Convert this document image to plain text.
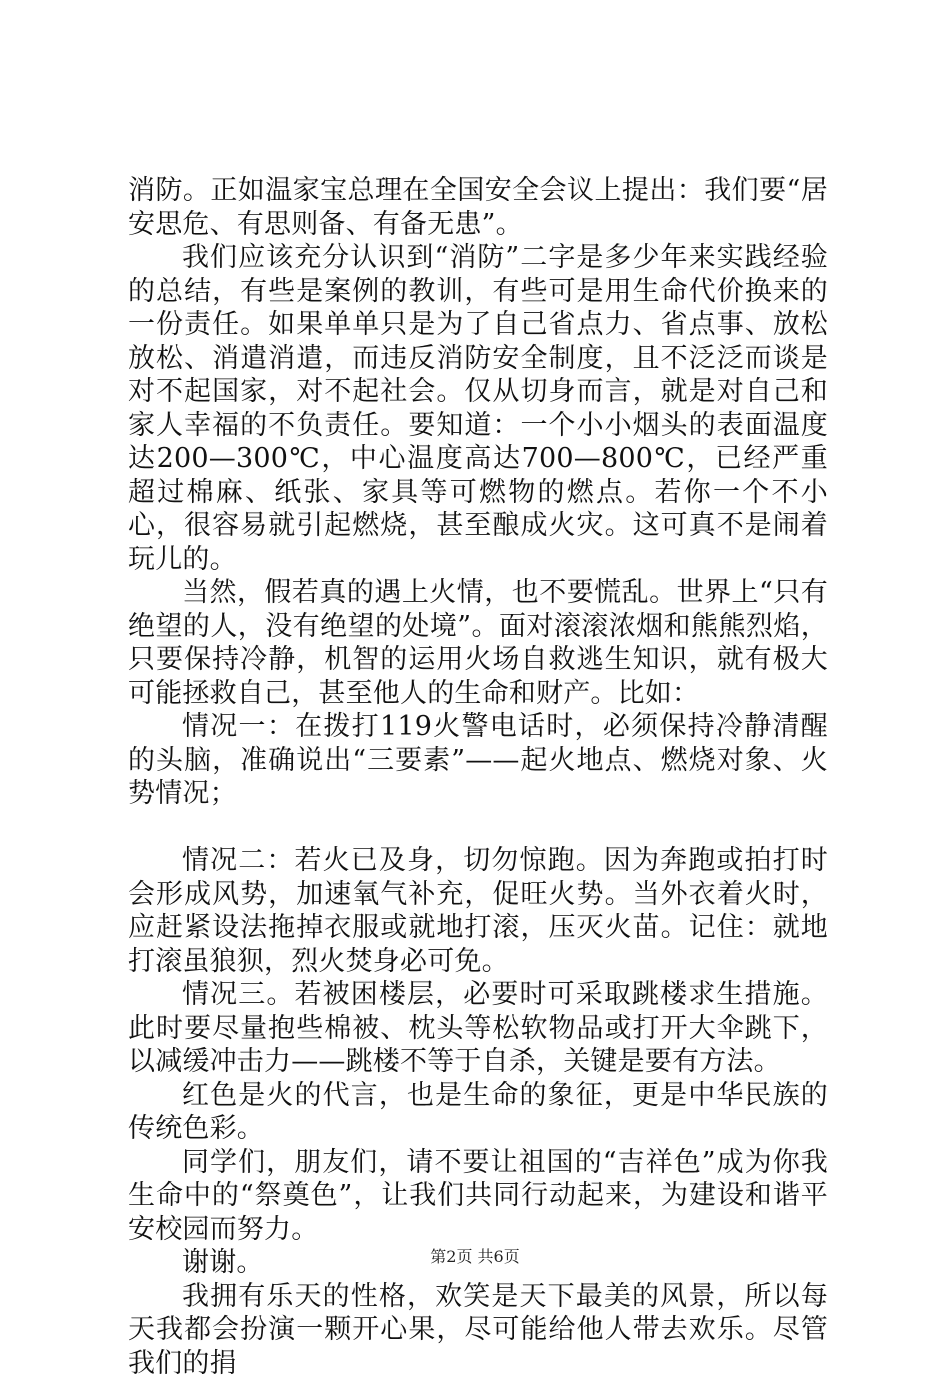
消防。正如温家宝总理在全国安全会议上提出：我们要“居安思危、有思则备、有备无患”。

我们应该充分认识到“消防”二字是多少年来实践经验的总结，有些是案例的教训，有些可是用生命代价换来的一份责任。如果单单只是为了自己省点力、省点事、放松放松、消遣消遣，而违反消防安全制度，且不泛泛而谈是对不起国家，对不起社会。仅从切身而言，就是对自己和家人幸福的不负责任。要知道：一个小小烟头的表面温度达200—300℃，中心温度高达700—800℃，已经严重超过棉麻、纸张、家具等可燃物的燃点。若你一个不小心，很容易就引起燃烧，甚至酿成火灾。这可真不是闹着玩儿的。

当然，假若真的遇上火情，也不要慌乱。世界上“只有绝望的人，没有绝望的处境”。面对滚滚浓烟和熊熊烈焰，只要保持冷静，机智的运用火场自救逃生知识，就有极大可能拯救自己，甚至他人的生命和财产。比如：

情况一：在拨打119火警电话时，必须保持冷静清醒的头脑，准确说出“三要素”——起火地点、燃烧对象、火势情况；

情况二：若火已及身，切勿惊跑。因为奔跑或拍打时会形成风势，加速氧气补充，促旺火势。当外衣着火时，应赶紧设法拖掉衣服或就地打滚，压灭火苗。记住：就地打滚虽狼狈，烈火焚身必可免。

情况三。若被困楼层，必要时可采取跳楼求生措施。此时要尽量抱些棉被、枕头等松软物品或打开大伞跳下，以减缓冲击力——跳楼不等于自杀，关键是要有方法。

红色是火的代言，也是生命的象征，更是中华民族的传统色彩。

同学们，朋友们，请不要让祖国的“吉祥色”成为你我生命中的“祭奠色”，让我们共同行动起来，为建设和谐平安校园而努力。

谢谢。

我拥有乐天的性格，欢笑是天下最美的风景，所以每天我都会扮演一颗开心果，尽可能给他人带去欢乐。尽管我们的捐

第2页 共6页
